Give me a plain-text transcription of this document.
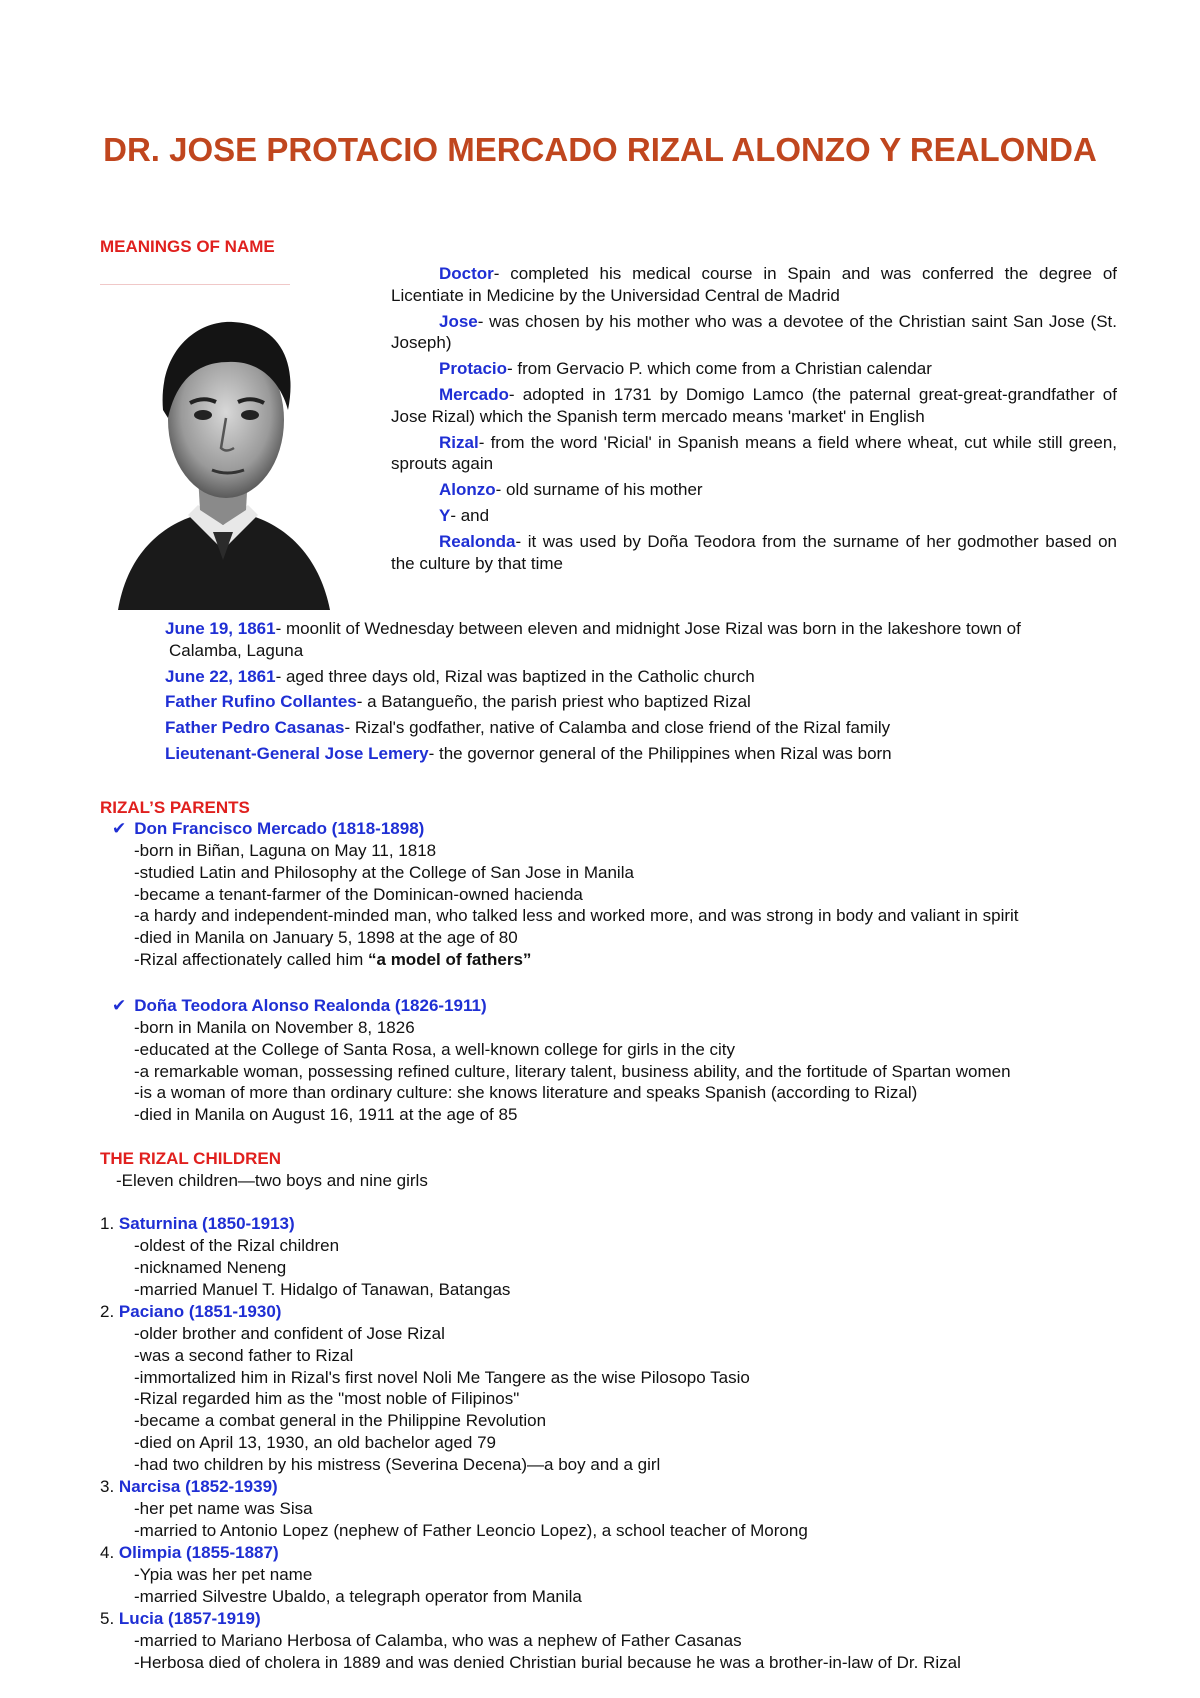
DR. JOSE PROTACIO MERCADO RIZAL ALONZO Y REALONDA
MEANINGS OF NAME

Doctor- completed his medical course in Spain and was conferred the degree of Licentiate in Medicine by the Universidad Central de Madrid

Jose- was chosen by his mother who was a devotee of the Christian saint San Jose (St. Joseph)

Protacio- from Gervacio P. which come from a Christian calendar

Mercado- adopted in 1731 by Domigo Lamco (the paternal great-great-grandfather of Jose Rizal) which the Spanish term mercado means 'market' in English

Rizal- from the word 'Ricial' in Spanish means a field where wheat, cut while still green, sprouts again

Alonzo- old surname of his mother

Y- and

Realonda- it was used by Doña Teodora from the surname of her godmother based on the culture by that time

June 19, 1861- moonlit of Wednesday between eleven and midnight Jose Rizal was born in the lakeshore town of
Calamba, Laguna

June 22, 1861- aged three days old, Rizal was baptized in the Catholic church

Father Rufino Collantes- a Batangueño, the parish priest who baptized Rizal

Father Pedro Casanas- Rizal's godfather, native of Calamba and close friend of the Rizal family

Lieutenant-General Jose Lemery- the governor general of the Philippines when Rizal was born

RIZAL’S PARENTS
✔ Don Francisco Mercado (1818-1898)
-born in Biñan, Laguna on May 11, 1818
-studied Latin and Philosophy at the College of San Jose in Manila
-became a tenant-farmer of the Dominican-owned hacienda
-a hardy and independent-minded man, who talked less and worked more, and was strong in body and valiant in spirit
-died in Manila on January 5, 1898 at the age of 80
-Rizal affectionately called him “a model of fathers”
✔ Doña Teodora Alonso Realonda (1826-1911)
-born in Manila on November 8, 1826
-educated at the College of Santa Rosa, a well-known college for girls in the city
-a remarkable woman, possessing refined culture, literary talent, business ability, and the fortitude of Spartan women
-is a woman of more than ordinary culture: she knows literature and speaks Spanish (according to Rizal)
-died in Manila on August 16, 1911 at the age of 85
THE RIZAL CHILDREN
-Eleven children—two boys and nine girls
1. Saturnina (1850-1913)
-oldest of the Rizal children
-nicknamed Neneng
-married Manuel T. Hidalgo of Tanawan, Batangas
2. Paciano (1851-1930)
-older brother and confident of Jose Rizal
-was a second father to Rizal
-immortalized him in Rizal's first novel Noli Me Tangere as the wise Pilosopo Tasio
-Rizal regarded him as the "most noble of Filipinos"
-became a combat general in the Philippine Revolution
-died on April 13, 1930, an old bachelor aged 79
-had two children by his mistress (Severina Decena)—a boy and a girl
3. Narcisa (1852-1939)
-her pet name was Sisa
-married to Antonio Lopez (nephew of Father Leoncio Lopez), a school teacher of Morong
4. Olimpia (1855-1887)
-Ypia was her pet name
-married Silvestre Ubaldo, a telegraph operator from Manila
5. Lucia (1857-1919)
-married to Mariano Herbosa of Calamba, who was a nephew of Father Casanas
-Herbosa died of cholera in 1889 and was denied Christian burial because he was a brother-in-law of Dr. Rizal
